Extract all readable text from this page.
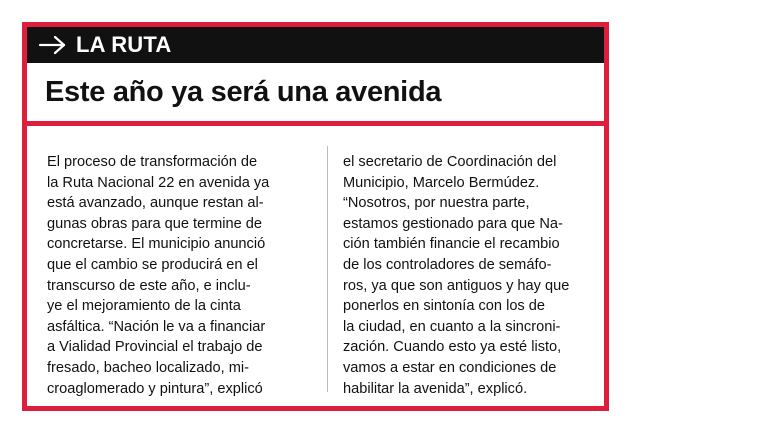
LA RUTA
Este año ya será una avenida
El proceso de transformación de
la Ruta Nacional 22 en avenida ya
está avanzado, aunque restan al-
gunas obras para que termine de
concretarse. El municipio anunció
que el cambio se producirá en el
transcurso de este año, e inclu-
ye el mejoramiento de la cinta
asfáltica. “Nación le va a financiar
a Vialidad Provincial el trabajo de
fresado, bacheo localizado, mi-
croaglomerado y pintura”, explicó
el secretario de Coordinación del
Municipio, Marcelo Bermúdez.
“Nosotros, por nuestra parte,
estamos gestionado para que Na-
ción también financie el recambio
de los controladores de semáfo-
ros, ya que son antiguos y hay que
ponerlos en sintonía con los de
la ciudad, en cuanto a la sincroni-
zación. Cuando esto ya esté listo,
vamos a estar en condiciones de
habilitar la avenida”, explicó.
